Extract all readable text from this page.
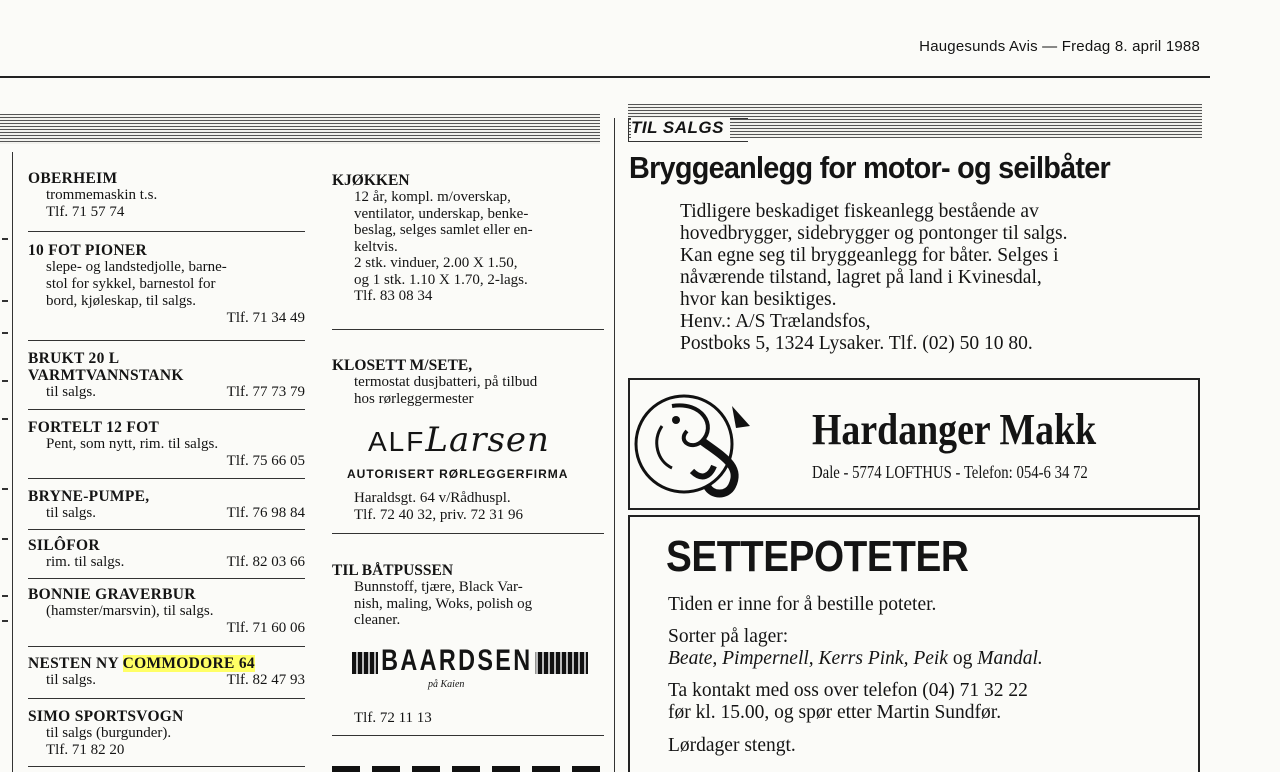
Haugesunds Avis — Fredag 8. april 1988
TIL SALGS
OBERHEIM
trommemaskin t.s.
Tlf. 71 57 74
10 FOT PIONER
slepe- og landstedjolle, barne-
stol for sykkel, barnestol for
bord, kjøleskap, til salgs.
Tlf. 71 34 49
BRUKT 20 L
VARMTVANNSTANK
til salgs.	Tlf. 77 73 79
FORTELT 12 FOT
Pent, som nytt, rim. til salgs.
Tlf. 75 66 05
BRYNE-PUMPE,
til salgs.	Tlf. 76 98 84
SILÔFOR
rim. til salgs.	Tlf. 82 03 66
BONNIE GRAVERBUR
(hamster/marsvin), til salgs.
Tlf. 71 60 06
NESTEN NY COMMODORE 64
til salgs.	Tlf. 82 47 93
SIMO SPORTSVOGN
til salgs (burgunder).
Tlf. 71 82 20
KJØKKEN
12 år, kompl. m/overskap,
ventilator, underskap, benke-
beslag, selges samlet eller en-
keltvis.
2 stk. vinduer, 2.00 X 1.50,
og 1 stk. 1.10 X 1.70, 2-lags.
Tlf. 83 08 34
KLOSETT M/SETE,
termostat dusjbatteri, på tilbud
hos rørleggermester
ALFLarsen
AUTORISERT RØRLEGGERFIRMA
Haraldsgt. 64 v/Rådhuspl.
Tlf. 72 40 32, priv. 72 31 96
TIL BÅTPUSSEN
Bunnstoff, tjære, Black Var-
nish, maling, Woks, polish og
cleaner.
BAARDSEN
på Kaien
Tlf. 72 11 13
Bryggeanlegg for motor- og seilbåter

Tidligere beskadiget fiskeanlegg bestående av

hovedbrygger, sidebrygger og pontonger til salgs.

Kan egne seg til bryggeanlegg for båter. Selges i

nåværende tilstand, lagret på land i Kvinesdal,

hvor kan besiktiges.

Henv.: A/S Trælandsfos,

Postboks 5, 1324 Lysaker. Tlf. (02) 50 10 80.

Hardanger Makk
Dale - 5774 LOFTHUS - Telefon: 054-6 34 72
SETTEPOTETER
Tiden er inne for å bestille poteter.
Sorter på lager:
Beate, Pimpernell, Kerrs Pink, Peik og Mandal.
Ta kontakt med oss over telefon (04) 71 32 22
før kl. 15.00, og spør etter Martin Sundfør.
Lørdager stengt.
